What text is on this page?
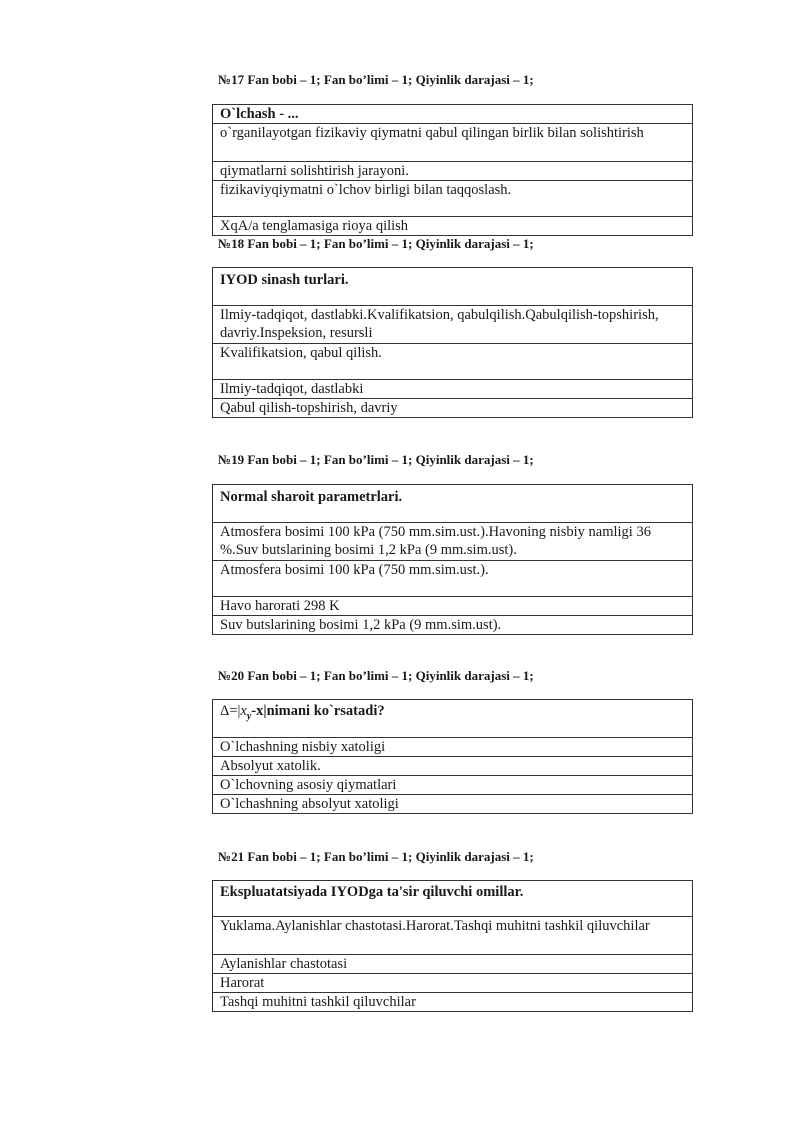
№17 Fan bobi – 1; Fan bo’limi – 1; Qiyinlik darajasi – 1;
O`lchash - ...
o`rganilayotgan fizikaviy qiymatni qabul qilingan birlik bilan solishtirish
qiymatlarni solishtirish jarayoni.
fizikaviyqiymatni o`lchov birligi bilan taqqoslash.
XqA/a tenglamasiga rioya qilish
№18 Fan bobi – 1; Fan bo’limi – 1; Qiyinlik darajasi – 1;
IYOD sinash turlari.
Ilmiy-tadqiqot, dastlabki.Kvalifikatsion, qabulqilish.Qabulqilish-topshirish, davriy.Inspeksion, resursli
Kvalifikatsion, qabul qilish.
Ilmiy-tadqiqot, dastlabki
Qabul qilish-topshirish, davriy
№19 Fan bobi – 1; Fan bo’limi – 1; Qiyinlik darajasi – 1;
Normal sharoit parametrlari.
Atmosfera bosimi 100 kPa (750 mm.sim.ust.).Havoning nisbiy namligi 36 %.Suv butslarining bosimi 1,2 kPa (9 mm.sim.ust).
Atmosfera bosimi 100 kPa (750 mm.sim.ust.).
Havo harorati 298 K
Suv butslarining bosimi 1,2 kPa (9 mm.sim.ust).
№20 Fan bobi – 1; Fan bo’limi – 1; Qiyinlik darajasi – 1;
$\Delta=|x_y-x|nimani$ ko`rsatadi?
O`lchashning nisbiy xatoligi
Absolyut xatolik.
O`lchovning asosiy qiymatlari
O`lchashning absolyut xatoligi
№21 Fan bobi – 1; Fan bo’limi – 1; Qiyinlik darajasi – 1;
Ekspluatatsiyada IYODga ta'sir qiluvchi omillar.
Yuklama.Aylanishlar chastotasi.Harorat.Tashqi muhitni tashkil qiluvchilar
Aylanishlar chastotasi
Harorat
Tashqi muhitni tashkil qiluvchilar
